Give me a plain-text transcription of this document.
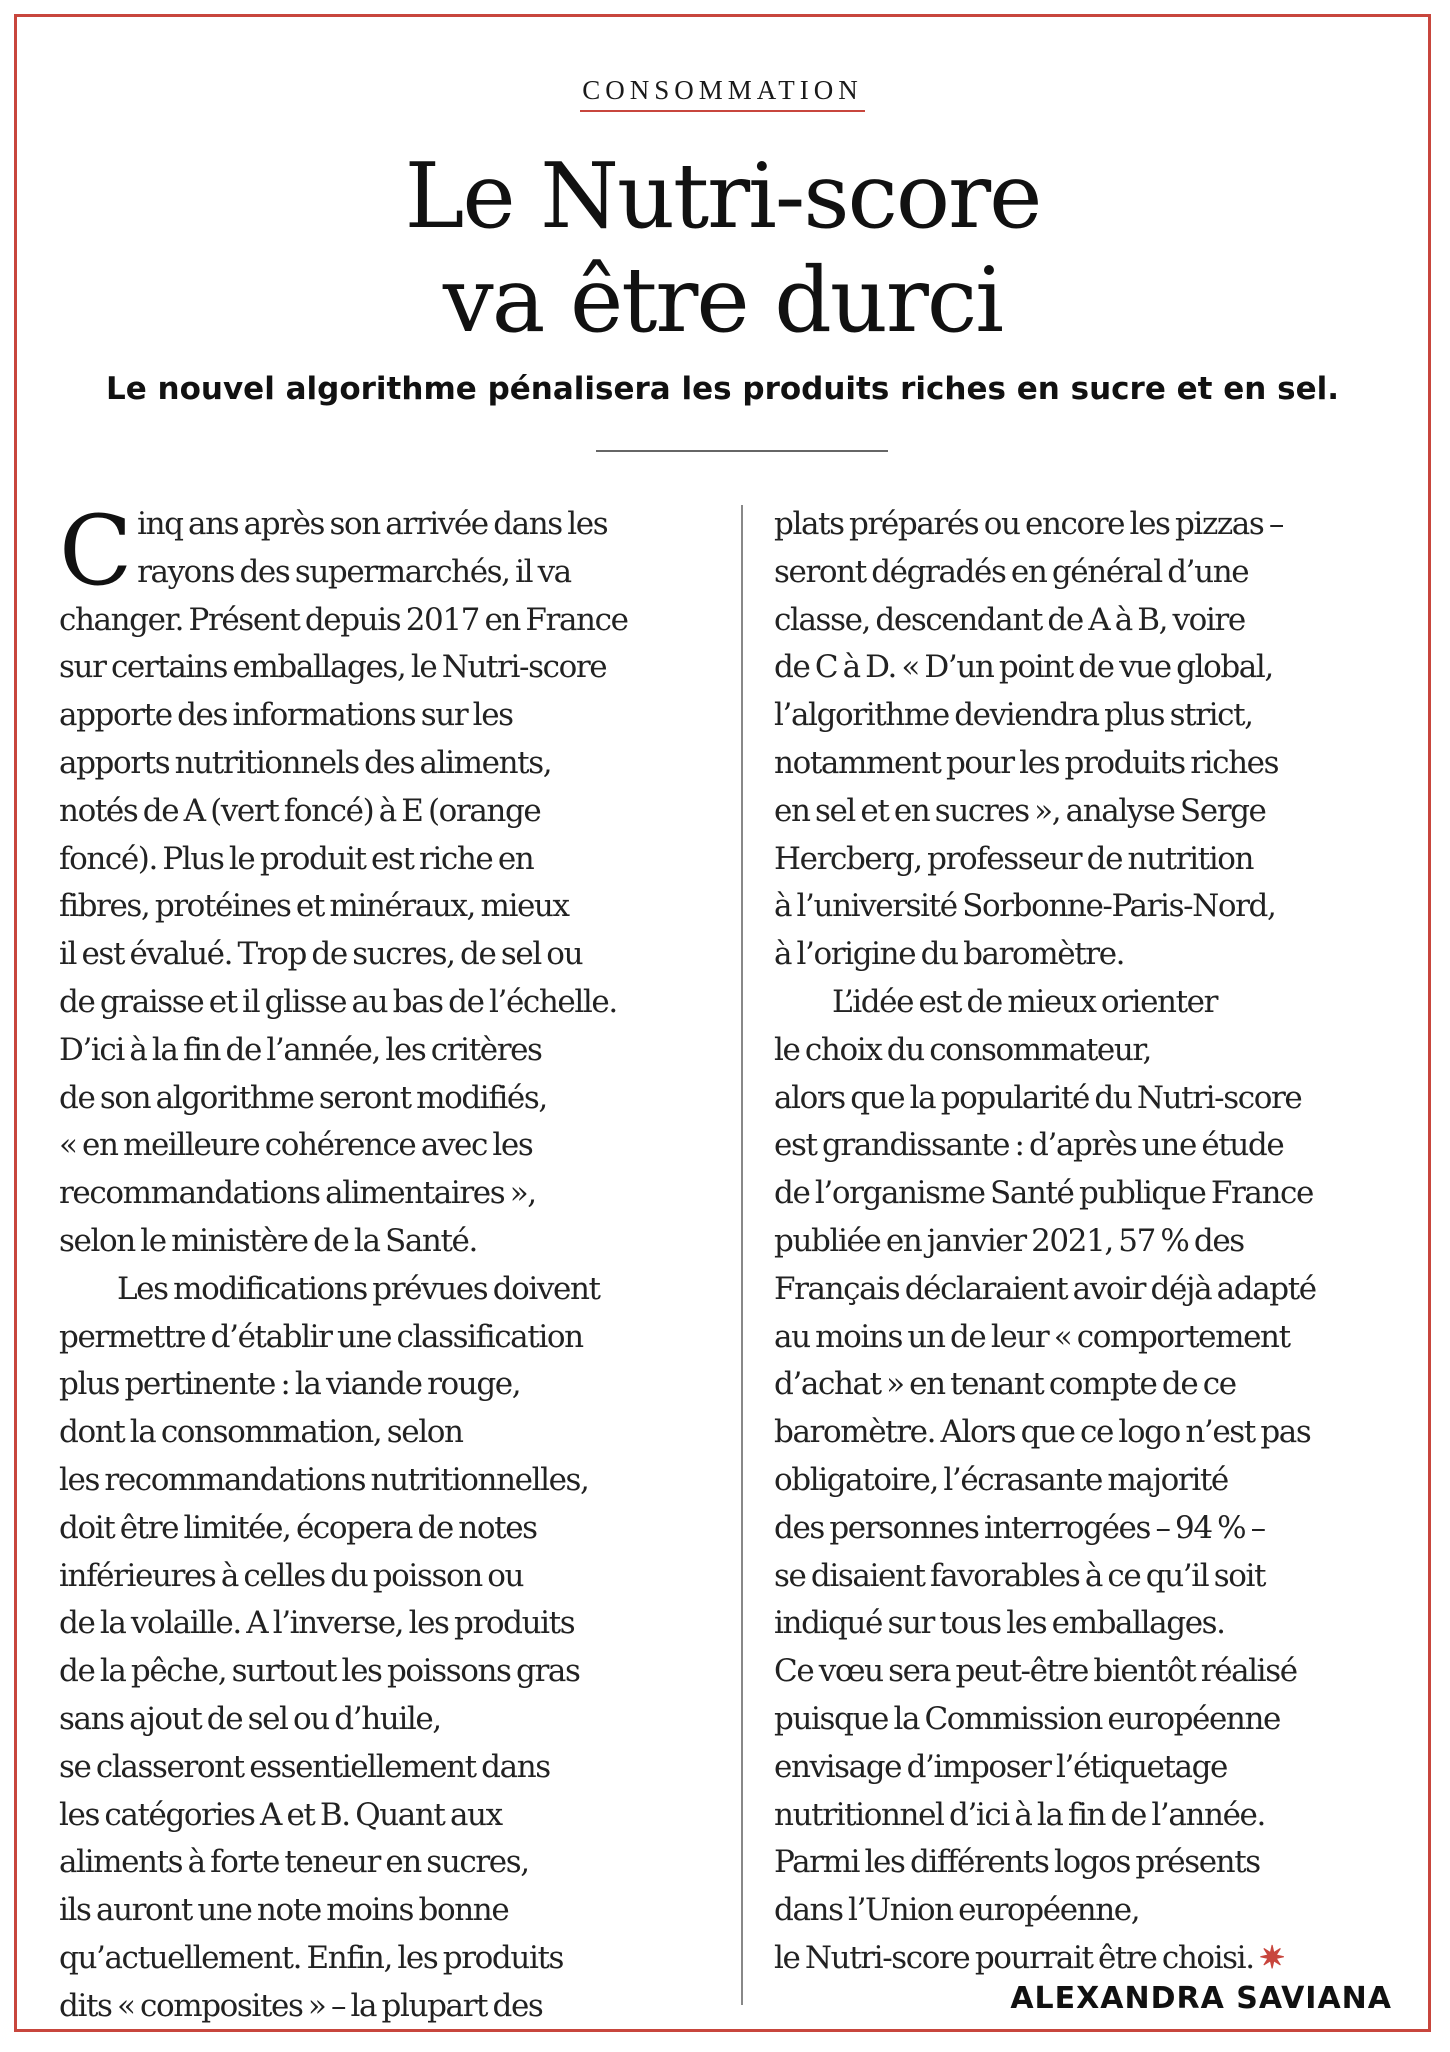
CONSOMMATION
Le Nutri-score
va être durci
Le nouvel algorithme pénalisera les produits riches en sucre et en sel.
C inq ans après son arrivée dans les
rayons des supermarchés, il va
changer. Présent depuis 2017 en France
sur certains emballages, le Nutri-score
apporte des informations sur les
apports nutritionnels des aliments,
notés de A (vert foncé) à E (orange
foncé). Plus le produit est riche en
fibres, protéines et minéraux, mieux
il est évalué. Trop de sucres, de sel ou
de graisse et il glisse au bas de l’échelle.
D’ici à la fin de l’année, les critères
de son algorithme seront modifiés,
« en meilleure cohérence avec les
recommandations alimentaires »,
selon le ministère de la Santé.
Les modifications prévues doivent
permettre d’établir une classification
plus pertinente : la viande rouge,
dont la consommation, selon
les recommandations nutritionnelles,
doit être limitée, écopera de notes
inférieures à celles du poisson ou
de la volaille. A l’inverse, les produits
de la pêche, surtout les poissons gras
sans ajout de sel ou d’huile,
se classeront essentiellement dans
les catégories A et B. Quant aux
aliments à forte teneur en sucres,
ils auront une note moins bonne
qu’actuellement. Enfin, les produits
dits « composites » – la plupart des
plats préparés ou encore les pizzas –
seront dégradés en général d’une
classe, descendant de A à B, voire
de C à D. « D’un point de vue global,
l’algorithme deviendra plus strict,
notamment pour les produits riches
en sel et en sucres », analyse Serge
Hercberg, professeur de nutrition
à l’université Sorbonne-Paris-Nord,
à l’origine du baromètre.
L’idée est de mieux orienter
le choix du consommateur,
alors que la popularité du Nutri-score
est grandissante : d’après une étude
de l’organisme Santé publique France
publiée en janvier 2021, 57 % des
Français déclaraient avoir déjà adapté
au moins un de leur « comportement
d’achat » en tenant compte de ce
baromètre. Alors que ce logo n’est pas
obligatoire, l’écrasante majorité
des personnes interrogées – 94 % –
se disaient favorables à ce qu’il soit
indiqué sur tous les emballages.
Ce vœu sera peut-être bientôt réalisé
puisque la Commission européenne
envisage d’imposer l’étiquetage
nutritionnel d’ici à la fin de l’année.
Parmi les différents logos présents
dans l’Union européenne,
le Nutri-score pourrait être choisi. ✷
ALEXANDRA SAVIANA
